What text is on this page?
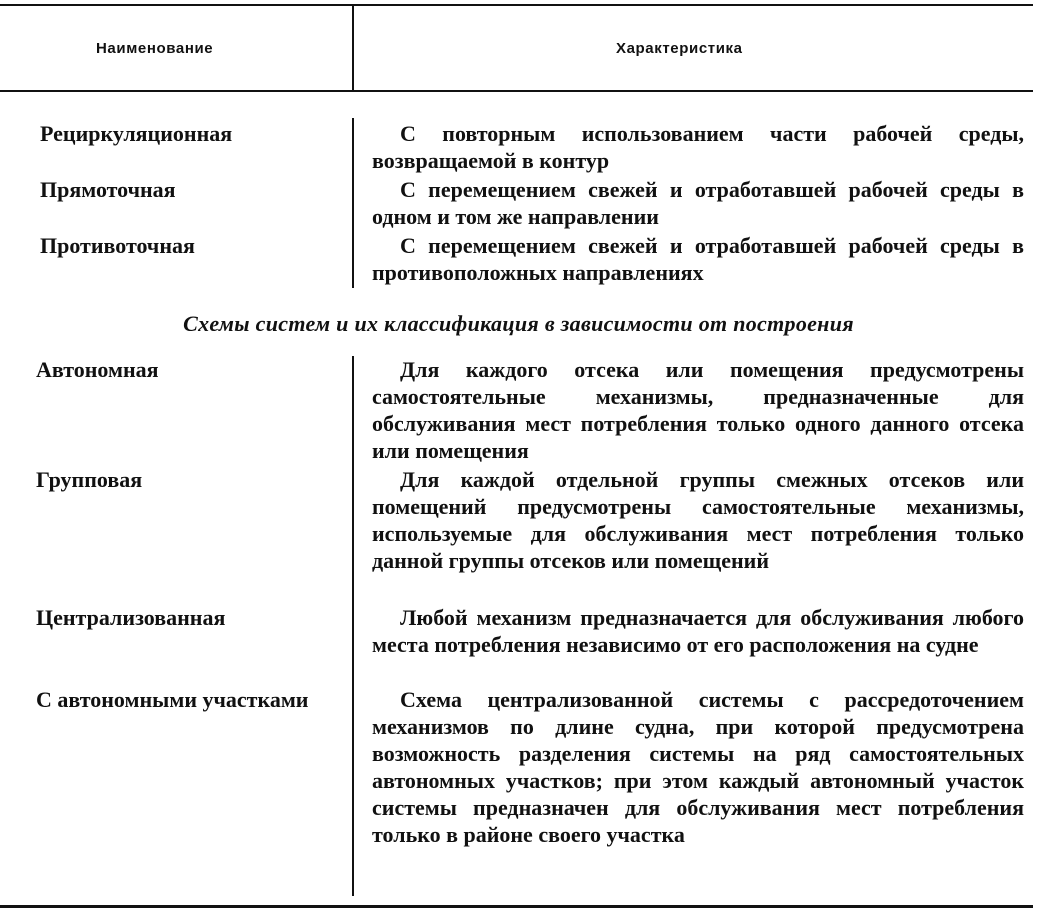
Наименование	Характеристика
Рециркуляционная	С повторным использованием части рабочей среды, возвращаемой в контур
Прямоточная	С перемещением свежей и отработавшей рабочей среды в одном и том же направлении
Противоточная	С перемещением свежей и отработавшей рабочей среды в противоположных направлениях
Схемы систем и их классификация в зависимости от построения
Автономная	Для каждого отсека или помещения предусмотрены самостоятельные механизмы, предназначенные для обслуживания мест потребления только одного данного отсека или помещения
Групповая	Для каждой отдельной группы смежных отсеков или помещений предусмотрены самостоятельные механизмы, используемые для обслуживания мест потребления только данной группы отсеков или помещений
Централизованная	Любой механизм предназначается для обслуживания любого места потребления независимо от его расположения на судне
С автономными участками	Схема централизованной системы с рассредоточением механизмов по длине судна, при которой предусмотрена возможность разделения системы на ряд самостоятельных автономных участков; при этом каждый автономный участок системы предназначен для обслуживания мест потребления только в районе своего участка
